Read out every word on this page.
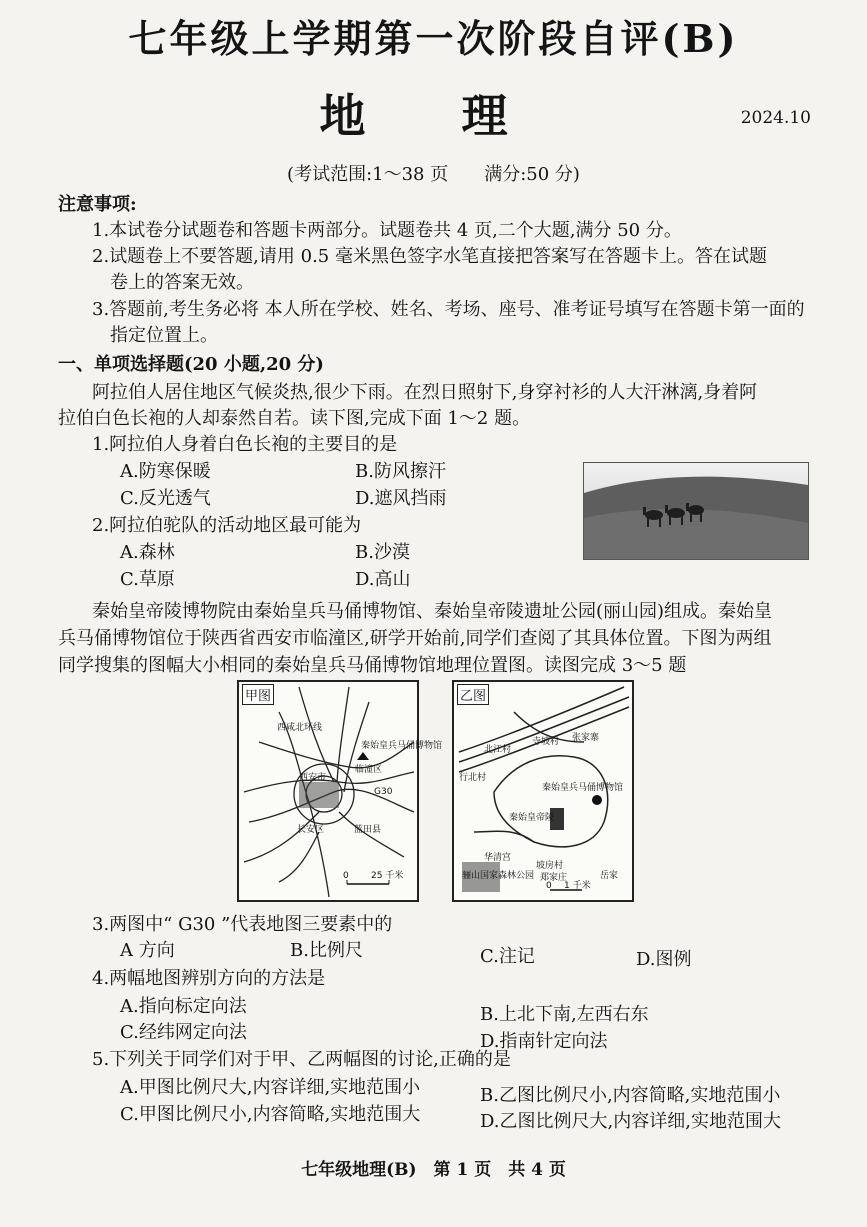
七年级上学期第一次阶段自评(B)
地 理	2024.10
(考试范围:1～38 页　　满分:50 分)
注意事项:
1.本试卷分试题卷和答题卡两部分。试题卷共 4 页,二个大题,满分 50 分。
2.试题卷上不要答题,请用 0.5 毫米黑色签字水笔直接把答案写在答题卡上。答在试题
卷上的答案无效。
3.答题前,考生务必将 本人所在学校、姓名、考场、座号、准考证号填写在答题卡第一面的
指定位置上。
一、单项选择题(20 小题,20 分)
阿拉伯人居住地区气候炎热,很少下雨。在烈日照射下,身穿衬衫的人大汗淋漓,身着阿
拉伯白色长袍的人却泰然自若。读下图,完成下面 1～2 题。
1.阿拉伯人身着白色长袍的主要目的是
A.防寒保暖	B.防风擦汗
C.反光透气	D.遮风挡雨
2.阿拉伯驼队的活动地区最可能为
A.森林	B.沙漠
C.草原	D.高山
秦始皇帝陵博物院由秦始皇兵马俑博物馆、秦始皇帝陵遗址公园(丽山园)组成。秦始皇
兵马俑博物馆位于陕西省西安市临潼区,研学开始前,同学们查阅了其具体位置。下图为两组
同学搜集的图幅大小相同的秦始皇兵马俑博物馆地理位置图。读图完成 3～5 题
甲图
西咸北环线
秦始皇兵马俑博物馆
临潼区
西安市
长安区	蓝田县
G30
0 25 千米
乙图
北江村
寺坡村 张家寨
行北村
秦始皇兵马俑博物馆
秦始皇帝陵
华清宫
骊山国家森林公园
坡房村
郑家庄	岳家
0 1 千米
3.两图中“ G30 ”代表地图三要素中的
A 方向	B.比例尺	C.注记	D.图例
4.两幅地图辨别方向的方法是
A.指向标定向法	B.上北下南,左西右东
C.经纬网定向法	D.指南针定向法
5.下列关于同学们对于甲、乙两幅图的讨论,正确的是
A.甲图比例尺大,内容详细,实地范围小	B.乙图比例尺小,内容简略,实地范围小
C.甲图比例尺小,内容简略,实地范围大	D.乙图比例尺大,内容详细,实地范围大
七年级地理(B)　第 1 页　共 4 页
